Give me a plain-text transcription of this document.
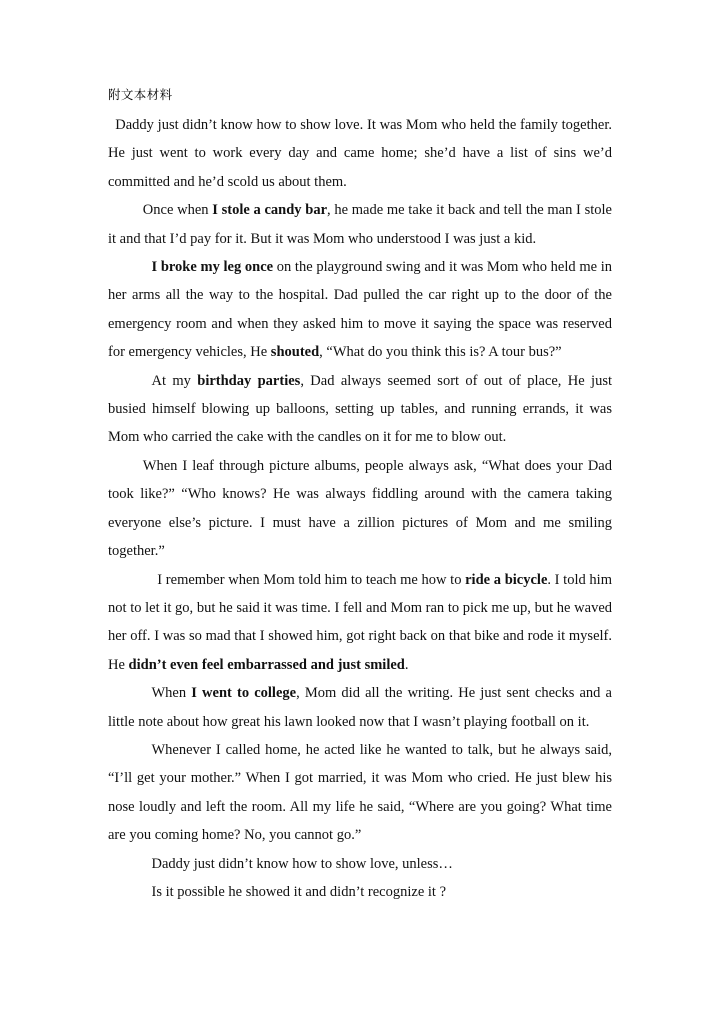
附文本材料

Daddy just didn’t know how to show love. It was Mom who held the family together. He just went to work every day and came home; she’d have a list of sins we’d committed and he’d scold us about them.

Once when I stole a candy bar, he made me take it back and tell the man I stole it and that I’d pay for it. But it was Mom who understood I was just a kid.

I broke my leg once on the playground swing and it was Mom who held me in her arms all the way to the hospital. Dad pulled the car right up to the door of the emergency room and when they asked him to move it saying the space was reserved for emergency vehicles, He shouted, “What do you think this is? A tour bus?”

At my birthday parties, Dad always seemed sort of out of place, He just busied himself blowing up balloons, setting up tables, and running errands, it was Mom who carried the cake with the candles on it for me to blow out.

When I leaf through picture albums, people always ask, “What does your Dad took like?” “Who knows? He was always fiddling around with the camera taking everyone else’s picture. I must have a zillion pictures of Mom and me smiling together.”

I remember when Mom told him to teach me how to ride a bicycle. I told him not to let it go, but he said it was time. I fell and Mom ran to pick me up, but he waved her off. I was so mad that I showed him, got right back on that bike and rode it myself. He didn’t even feel embarrassed and just smiled.

When I went to college, Mom did all the writing. He just sent checks and a little note about how great his lawn looked now that I wasn’t playing football on it.

Whenever I called home, he acted like he wanted to talk, but he always said, “I’ll get your mother.” When I got married, it was Mom who cried. He just blew his nose loudly and left the room. All my life he said, “Where are you going? What time are you coming home? No, you cannot go.”

Daddy just didn’t know how to show love, unless…

Is it possible he showed it and didn’t recognize it ?
